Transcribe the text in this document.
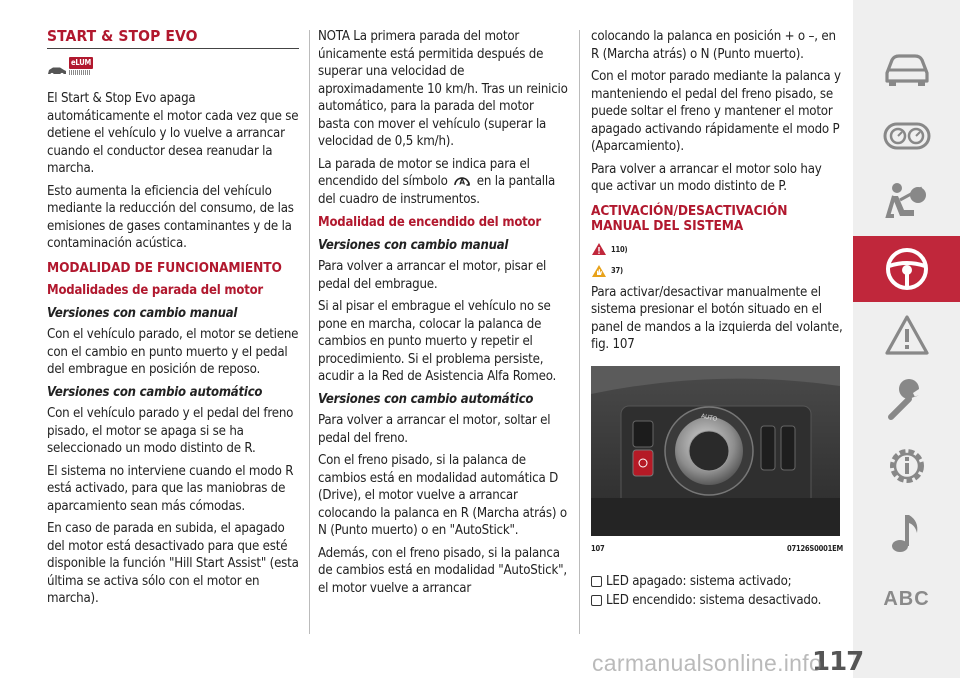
START & STOP EVO
eLUM

El Start & Stop Evo apaga automáticamente el motor cada vez que se detiene el vehículo y lo vuelve a arrancar cuando el conductor desea reanudar la marcha.

Esto aumenta la eficiencia del vehículo mediante la reducción del consumo, de las emisiones de gases contaminantes y de la contaminación acústica.

MODALIDAD DE FUNCIONAMIENTO
Modalidades de parada del motor
Versiones con cambio manual

Con el vehículo parado, el motor se detiene con el cambio en punto muerto y el pedal del embrague en posición de reposo.

Versiones con cambio automático

Con el vehículo parado y el pedal del freno pisado, el motor se apaga si se ha seleccionado un modo distinto de R.

El sistema no interviene cuando el modo R está activado, para que las maniobras de aparcamiento sean más cómodas.

En caso de parada en subida, el apagado del motor está desactivado para que esté disponible la función "Hill Start Assist" (esta última se activa sólo con el motor en marcha).

NOTA La primera parada del motor únicamente está permitida después de superar una velocidad de aproximadamente 10 km/h. Tras un reinicio automático, para la parada del motor basta con mover el vehículo (superar la velocidad de 0,5 km/h).

La parada de motor se indica para el encendido del símbolo A en la pantalla del cuadro de instrumentos.

Modalidad de encendido del motor
Versiones con cambio manual

Para volver a arrancar el motor, pisar el pedal del embrague.

Si al pisar el embrague el vehículo no se pone en marcha, colocar la palanca de cambios en punto muerto y repetir el procedimiento. Si el problema persiste, acudir a la Red de Asistencia Alfa Romeo.

Versiones con cambio automático

Para volver a arrancar el motor, soltar el pedal del freno.

Con el freno pisado, si la palanca de cambios está en modalidad automática D (Drive), el motor vuelve a arrancar colocando la palanca en R (Marcha atrás) o N (Punto muerto) o en "AutoStick".

Además, con el freno pisado, si la palanca de cambios está en modalidad "AutoStick", el motor vuelve a arrancar

colocando la palanca en posición + o –, en R (Marcha atrás) o N (Punto muerto).

Con el motor parado mediante la palanca y manteniendo el pedal del freno pisado, se puede soltar el freno y mantener el motor apagado activando rápidamente el modo P (Aparcamiento).

Para volver a arrancar el motor solo hay que activar un modo distinto de P.

ACTIVACIÓN/DESACTIVACIÓN MANUAL DEL SISTEMA
110)
37)

Para activar/desactivar manualmente el sistema presionar el botón situado en el panel de mandos a la izquierda del volante, fig. 107

AUTO
107	07126S0001EM
LED apagado: sistema activado;
LED encendido: sistema desactivado.	ABC
117
carmanualsonline.info
